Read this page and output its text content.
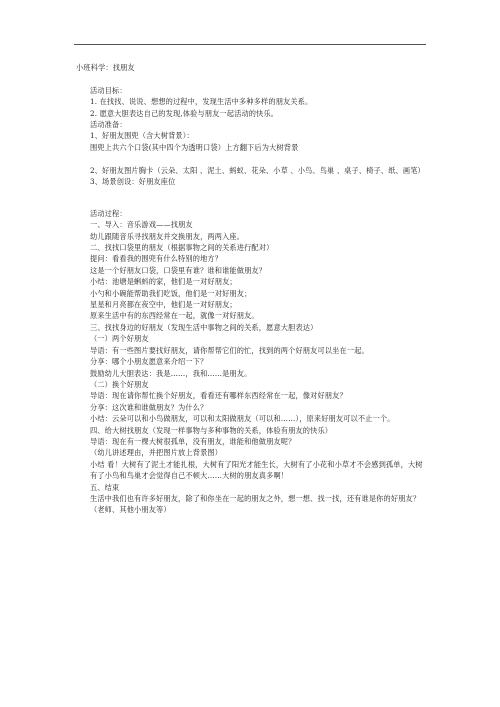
小班科学：找朋友

活动目标：

1. 在找找、说说、想想的过程中，发现生活中多种多样的朋友关系。

2. 愿意大胆表达自己的发现,体验与朋友一起活动的快乐。

活动准备：

1、好朋友围兜（含大树背景）：

围兜上共六个口袋(其中四个为透明口袋）上方翻下后为大树背景

2、好朋友图片胸卡（云朵、太阳 、泥土、蚂蚁、花朵、小草 、小鸟、鸟巢 、桌子、椅子、纸、画笔）

3、场景创设：好朋友座位

活动过程：

一、导入：音乐游戏——找朋友

幼儿跟随音乐寻找朋友并交换朋友，两两入座。

二、找找口袋里的朋友（根据事物之间的关系进行配对）

提问：看看我的围兜有什么特别的地方？

这是一个好朋友口袋，口袋里有谁？谁和谁能做朋友？

小结：池塘是蝌蚪的家，他们是一对好朋友；

小勺和小碗能帮助我们吃饭，他们是一对好朋友；

星星和月亮都在夜空中，他们是一对好朋友；

原来生活中有的东西经常在一起，就像一对好朋友。

三、找找身边的好朋友（发现生活中事物之间的关系，愿意大胆表达）

（一）两个好朋友

导语：有一些图片要找好朋友，请你帮帮它们的忙，找到的两个好朋友可以坐在一起。

分享：哪个小朋友愿意来介绍一下？

鼓励幼儿大胆表达：我是……，我和……是朋友。

（二）换个好朋友

导语：现在请你帮忙换个好朋友，看看还有哪样东西经常在一起，像对好朋友？

分享：这次谁和谁做朋友？为什么？

小结：云朵可以和小鸟做朋友，可以和太阳做朋友（可以和……），原来好朋友可以不止一个。

四、给大树找朋友（发现一样事物与多种事物的关系，体验有朋友的快乐）

导语：现在有一棵大树很孤单，没有朋友，谁能和他做朋友呢？

（幼儿讲述理由，并把图片放上背景图）

小结 看！大树有了泥土才能扎根，大树有了阳光才能生长，大树有了小花和小草才不会感到孤单，大树有了小鸟和鸟巢才会觉得自己不顿大……大树的朋友真多啊！

五、结束

生活中我们也有许多好朋友，除了和你坐在一起的朋友之外，想一想、找一找，还有谁是你的好朋友？（老师、其他小朋友等）
